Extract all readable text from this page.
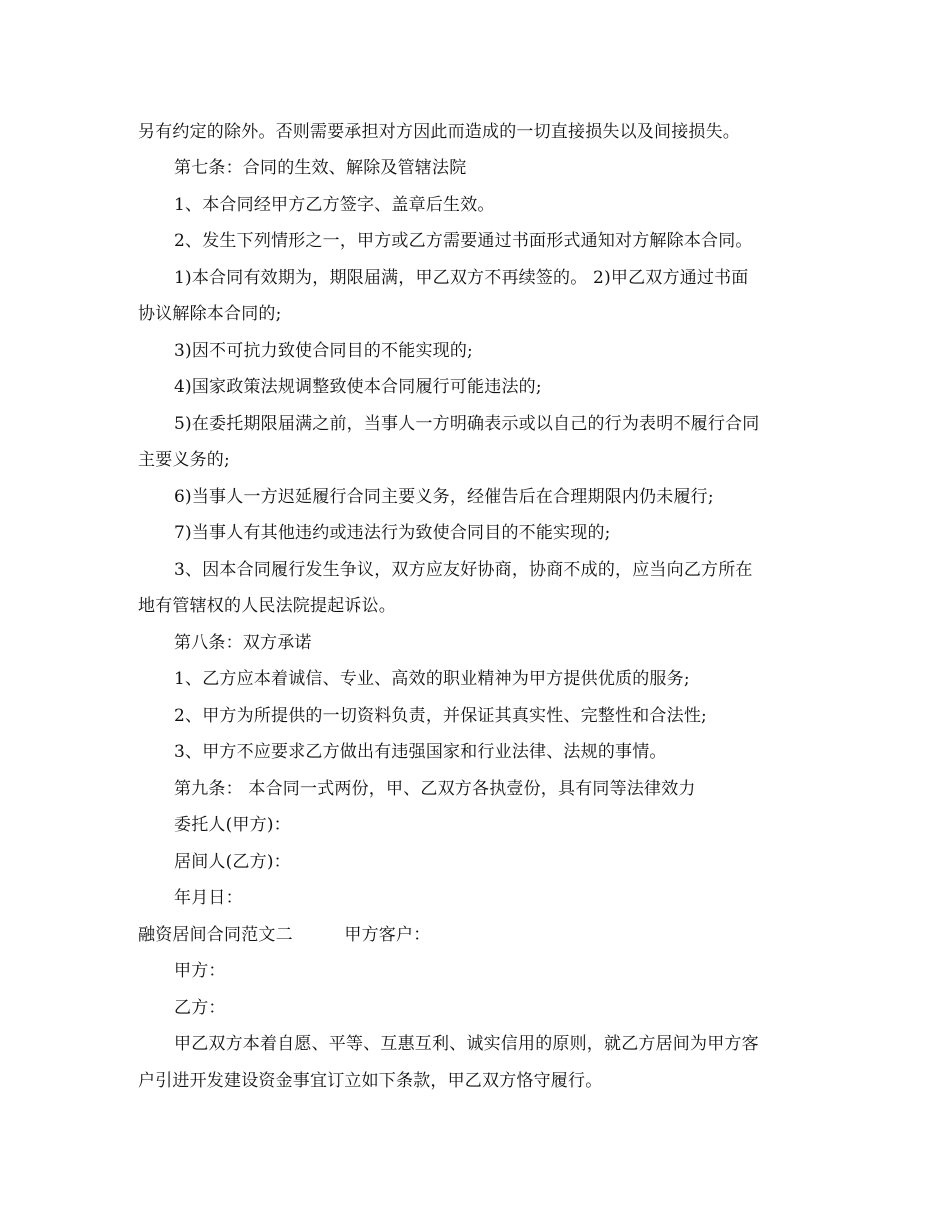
另有约定的除外。否则需要承担对方因此而造成的一切直接损失以及间接损失。
第七条：合同的生效、解除及管辖法院
1、本合同经甲方乙方签字、盖章后生效。
2、发生下列情形之一，甲方或乙方需要通过书面形式通知对方解除本合同。
1)本合同有效期为，期限届满，甲乙双方不再续签的。 2)甲乙双方通过书面
协议解除本合同的;
3)因不可抗力致使合同目的不能实现的;
4)国家政策法规调整致使本合同履行可能违法的;
5)在委托期限届满之前，当事人一方明确表示或以自己的行为表明不履行合同
主要义务的;
6)当事人一方迟延履行合同主要义务，经催告后在合理期限内仍未履行;
7)当事人有其他违约或违法行为致使合同目的不能实现的;
3、因本合同履行发生争议，双方应友好协商，协商不成的，应当向乙方所在
地有管辖权的人民法院提起诉讼。
第八条：双方承诺
1、乙方应本着诚信、专业、高效的职业精神为甲方提供优质的服务;
2、甲方为所提供的一切资料负责，并保证其真实性、完整性和合法性;
3、甲方不应要求乙方做出有违强国家和行业法律、法规的事情。
第九条： 本合同一式两份，甲、乙双方各执壹份，具有同等法律效力
委托人(甲方)：
居间人(乙方)：
年月日：
融资居间合同范文二　　　甲方客户：
甲方：
乙方：
甲乙双方本着自愿、平等、互惠互利、诚实信用的原则，就乙方居间为甲方客
户引进开发建设资金事宜订立如下条款，甲乙双方恪守履行。
